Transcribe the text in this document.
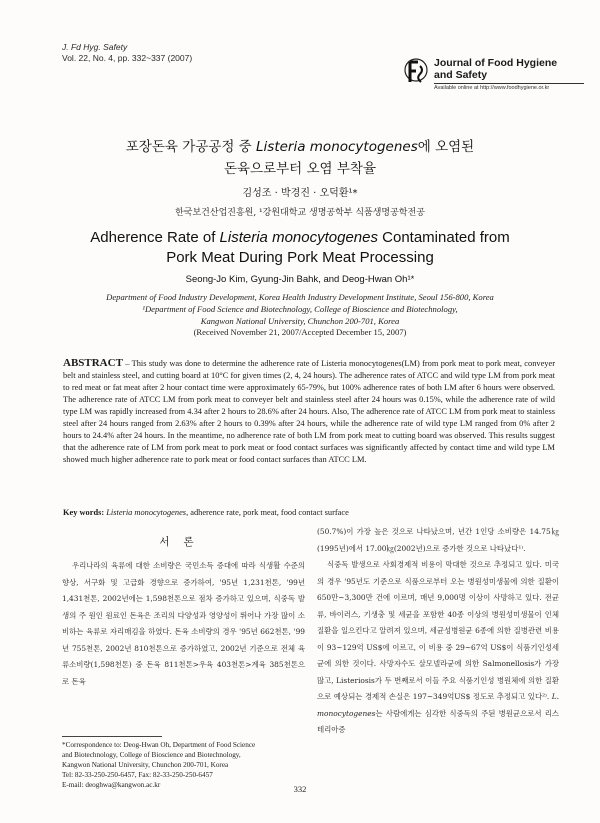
J. Fd Hyg. Safety
Vol. 22, No. 4, pp. 332~337 (2007)	Journal of Food Hygiene
and Safety
Available online at http://www.foodhygiene.or.kr
포장돈육 가공공정 중 Listeria monocytogenes에 오염된
돈육으로부터 오염 부착율
김성조 · 박경진 · 오덕환¹*
한국보건산업진흥원, ¹강원대학교 생명공학부 식품생명공학전공
Adherence Rate of Listeria monocytogenes Contaminated from
Pork Meat During Pork Meat Processing
Seong-Jo Kim, Gyung-Jin Bahk, and Deog-Hwan Oh¹*
Department of Food Industry Development, Korea Health Industry Development Institute, Seoul 156-800, Korea
¹Department of Food Science and Biotechnology, College of Bioscience and Biotechnology,
Kangwon National University, Chunchon 200-701, Korea
(Received November 21, 2007/Accepted December 15, 2007)
ABSTRACT – This study was done to determine the adherence rate of Listeria monocytogenes(LM) from pork meat to pork meat, conveyer belt and stainless steel, and cutting board at 10°C for given times (2, 4, 24 hours). The adherence rates of ATCC and wild type LM from pork meat to red meat or fat meat after 2 hour contact time were approximately 65-79%, but 100% adherence rates of both LM after 6 hours were observed. The adherence rate of ATCC LM from pork meat to conveyer belt and stainless steel after 24 hours was 0.15%, while the adherence rate of wild type LM was rapidly increased from 4.34 after 2 hours to 28.6% after 24 hours. Also, The adherence rate of ATCC LM from pork meat to stainless steel after 24 hours ranged from 2.63% after 2 hours to 0.39% after 24 hours, while the adherence rate of wild type LM ranged from 0% after 2 hours to 24.4% after 24 hours. In the meantime, no adherence rate of both LM from pork meat to cutting board was observed. This results suggest that the adherence rate of LM from pork meat to pork meat or food contact surfaces was significantly affected by contact time and wild type LM showed much higher adherence rate to pork meat or food contact surfaces than ATCC LM.
Key words: Listeria monocytogenes, adherence rate, pork meat, food contact surface
서론
우리나라의 육류에 대한 소비량은 국민소득 증대에 따라 식생활 수준의 향상, 서구화 및 고급화 경향으로 증가하여, '95년 1,231천톤, '99년 1,431천톤, 2002년에는 1,598천톤으로 점차 증가하고 있으며, 식중독 발생의 주 원인 원료인 돈육은 조리의 다양성과 영양성이 뛰어나 가장 많이 소비하는 육류로 자리매김을 하였다. 돈육 소비량의 경우 '95년 662천톤, '99년 755천톤, 2002년 810천톤으로 증가하였고, 2002년 기준으로 전체 육류소비량(1,598천톤) 중 돈육 811천톤>우육 403천톤>계육 385천톤으로 돈육
(50.7%)이 가장 높은 것으로 나타났으며, 년간 1인당 소비량은 14.75㎏(1995년)에서 17.00㎏(2002년)으로 증가한 것으로 나타났다¹⁾.
식중독 발생으로 사회경제적 비용이 막대한 것으로 추정되고 있다. 미국의 경우 '95년도 기준으로 식품으로부터 오는 병원성미생물에 의한 질환이 650만~3,300만 건에 이르며, 매년 9,000명 이상이 사망하고 있다. 전균류, 바이러스, 기생충 및 세균을 포함한 40종 이상의 병원성미생물이 인체질환을 일으킨다고 알려져 있으며, 세균성병원균 6종에 의한 질병관련 비용이 93~129억 US$에 이르고, 이 비용 중 29~67억 US$이 식품기인성세균에 의한 것이다. 사망자수도 살모넬라균에 의한 Salmonellosis가 가장 많고, Listeriosis가 두 번째로서 이들 주요 식품기인성 병원체에 의한 질환으로 예상되는 경제적 손실은 197~349억US$ 정도로 추정되고 있다²⁾. L. monocytogenes는 사람에게는 심각한 식중독의 주된 병원균으로서 리스테리아증
*Correspondence to: Deog-Hwan Oh, Department of Food Science
and Biotechnology, College of Bioscience and Biotechnology,
Kangwon National University, Chunchon 200-701, Korea
Tel: 82-33-250-250-6457, Fax: 82-33-250-250-6457
E-mail: deoghwa@kangwon.ac.kr	332
